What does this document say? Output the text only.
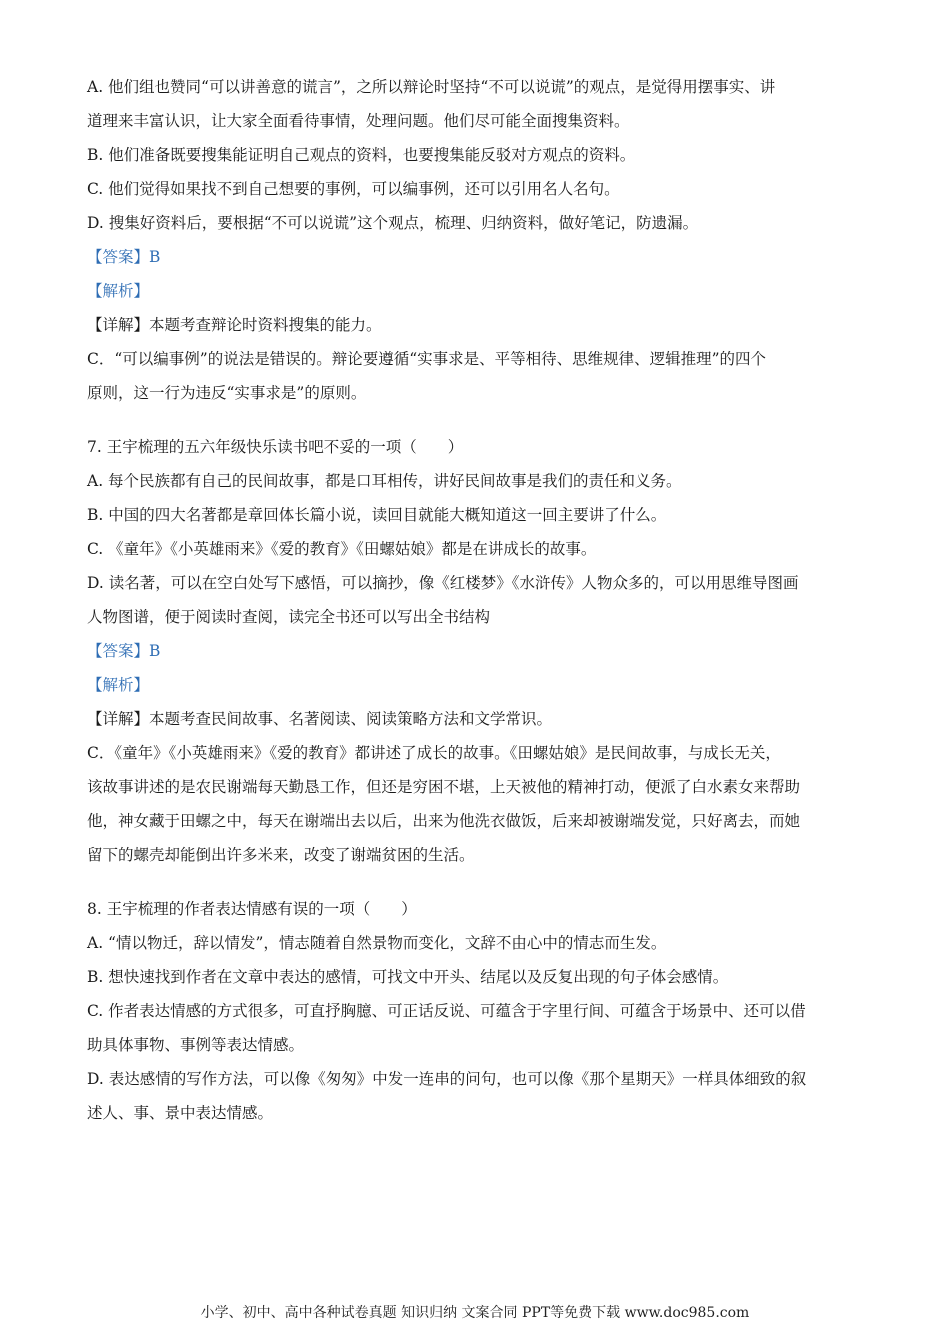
A. 他们组也赞同“可以讲善意的谎言”，之所以辩论时坚持“不可以说谎”的观点，是觉得用摆事实、讲
道理来丰富认识，让大家全面看待事情，处理问题。他们尽可能全面搜集资料。
B. 他们准备既要搜集能证明自己观点的资料，也要搜集能反驳对方观点的资料。
C. 他们觉得如果找不到自己想要的事例，可以编事例，还可以引用名人名句。
D. 搜集好资料后，要根据“不可以说谎”这个观点，梳理、归纳资料，做好笔记，防遗漏。
【答案】B
【解析】
【详解】本题考查辩论时资料搜集的能力。
C．“可以编事例”的说法是错误的。辩论要遵循“实事求是、平等相待、思维规律、逻辑推理”的四个
原则，这一行为违反“实事求是”的原则。
7. 王宇梳理的五六年级快乐读书吧不妥的一项（　　）
A. 每个民族都有自己的民间故事，都是口耳相传，讲好民间故事是我们的责任和义务。
B. 中国的四大名著都是章回体长篇小说，读回目就能大概知道这一回主要讲了什么。
C. 《童年》《小英雄雨来》《爱的教育》《田螺姑娘》都是在讲成长的故事。
D. 读名著，可以在空白处写下感悟，可以摘抄，像《红楼梦》《水浒传》人物众多的，可以用思维导图画
人物图谱，便于阅读时查阅，读完全书还可以写出全书结构
【答案】B
【解析】
【详解】本题考查民间故事、名著阅读、阅读策略方法和文学常识。
C．《童年》《小英雄雨来》《爱的教育》都讲述了成长的故事。《田螺姑娘》是民间故事，与成长无关，
该故事讲述的是农民谢端每天勤恳工作，但还是穷困不堪，上天被他的精神打动，便派了白水素女来帮助
他，神女藏于田螺之中，每天在谢端出去以后，出来为他洗衣做饭，后来却被谢端发觉，只好离去，而她
留下的螺壳却能倒出许多米来，改变了谢端贫困的生活。
8. 王宇梳理的作者表达情感有误的一项（　　）
A. “情以物迁，辞以情发”，情志随着自然景物而变化，文辞不由心中的情志而生发。
B. 想快速找到作者在文章中表达的感情，可找文中开头、结尾以及反复出现的句子体会感情。
C. 作者表达情感的方式很多，可直抒胸臆、可正话反说、可蕴含于字里行间、可蕴含于场景中、还可以借
助具体事物、事例等表达情感。
D. 表达感情的写作方法，可以像《匆匆》中发一连串的问句，也可以像《那个星期天》一样具体细致的叙
述人、事、景中表达情感。
小学、初中、高中各种试卷真题 知识归纳 文案合同 PPT等免费下载 www.doc985.com
